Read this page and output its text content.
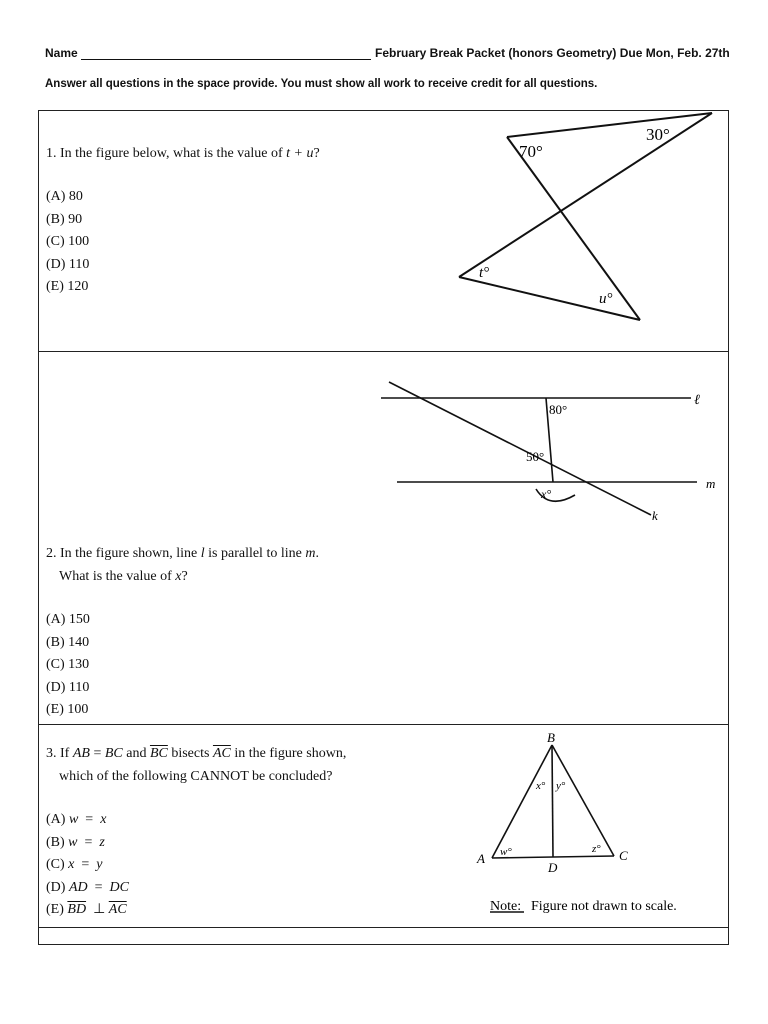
Name	February Break Packet (honors Geometry) Due Mon, Feb. 27th
Answer all questions in the space provide. You must show all work to receive credit for all questions.
1. In the figure below, what is the value of t + u?
(A) 80
(B) 90
(C) 100
(D) 110
(E) 120
70°
30°
t°
u°
80°
50°
x°
ℓ
m
k
2. In the figure shown, line l is parallel to line m.
What is the value of x?
(A) 150
(B) 140
(C) 130
(D) 110
(E) 100
3. If AB = BC and $\overline{BC}$ bisects $\overline{AC}$ in the figure shown,
which of the following CANNOT be concluded?
(A) w  =  x
(B) w  =  z
(C) x  =  y
(D) AD  =  DC
(E) $\overline{BD}$  ⊥ $\overline{AC}$
B
A	C
D
w°
x° y°
z°
Note: Figure not drawn to scale.
